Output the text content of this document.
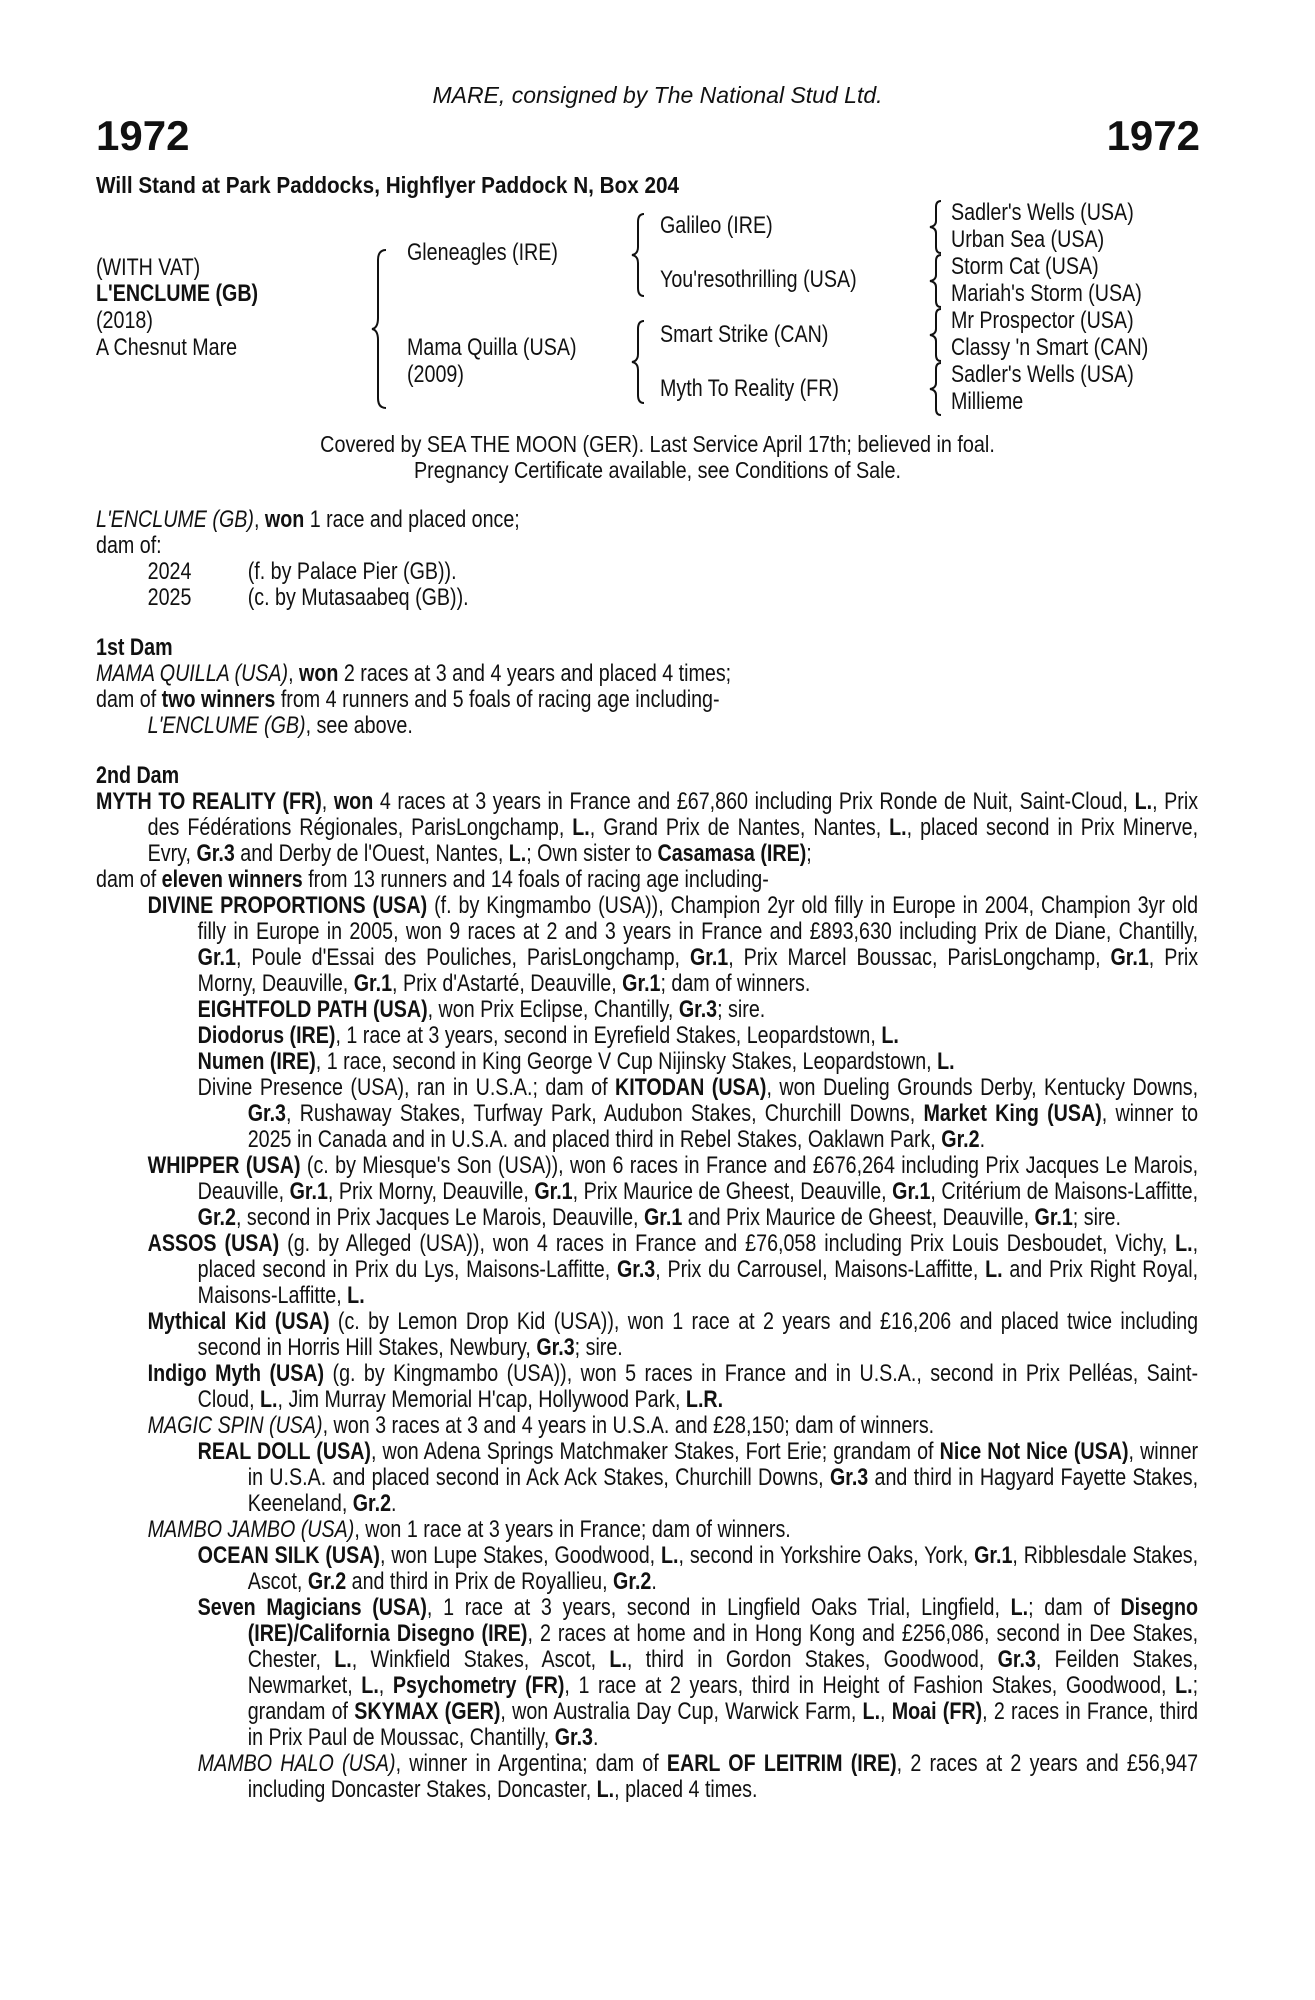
MARE, consigned by The National Stud Ltd.
1972	1972
Will Stand at Park Paddocks, Highflyer Paddock N, Box 204
(WITH VAT)
L'ENCLUME (GB)
(2018)
A Chesnut Mare
Gleneagles (IRE)
Mama Quilla (USA)
(2009)
Galileo (IRE)
You'resothrilling (USA)
Smart Strike (CAN)
Myth To Reality (FR)
Sadler's Wells (USA)
Urban Sea (USA)
Storm Cat (USA)
Mariah's Storm (USA)
Mr Prospector (USA)
Classy 'n Smart (CAN)
Sadler's Wells (USA)
Millieme
Covered by SEA THE MOON (GER). Last Service April 17th; believed in foal.
Pregnancy Certificate available, see Conditions of Sale.
L'ENCLUME (GB), won 1 race and placed once;
dam of:
2024	(f. by Palace Pier (GB)).
2025	(c. by Mutasaabeq (GB)).
1st Dam
MAMA QUILLA (USA), won 2 races at 3 and 4 years and placed 4 times;
dam of two winners from 4 runners and 5 foals of racing age including-
L'ENCLUME (GB), see above.
2nd Dam
MYTH TO REALITY (FR), won 4 races at 3 years in France and £67,860 including Prix Ronde de Nuit, Saint-Cloud, L., Prix des Fédérations Régionales, ParisLongchamp, L., Grand Prix de Nantes, Nantes, L., placed second in Prix Minerve, Evry, Gr.3 and Derby de l'Ouest, Nantes, L.; Own sister to Casamasa (IRE);
dam of eleven winners from 13 runners and 14 foals of racing age including-
DIVINE PROPORTIONS (USA) (f. by Kingmambo (USA)), Champion 2yr old filly in Europe in 2004, Champion 3yr old filly in Europe in 2005, won 9 races at 2 and 3 years in France and £893,630 including Prix de Diane, Chantilly, Gr.1, Poule d'Essai des Pouliches, ParisLongchamp, Gr.1, Prix Marcel Boussac, ParisLongchamp, Gr.1, Prix Morny, Deauville, Gr.1, Prix d'Astarté, Deauville, Gr.1; dam of winners.
EIGHTFOLD PATH (USA), won Prix Eclipse, Chantilly, Gr.3; sire.
Diodorus (IRE), 1 race at 3 years, second in Eyrefield Stakes, Leopardstown, L.
Numen (IRE), 1 race, second in King George V Cup Nijinsky Stakes, Leopardstown, L.
Divine Presence (USA), ran in U.S.A.; dam of KITODAN (USA), won Dueling Grounds Derby, Kentucky Downs, Gr.3, Rushaway Stakes, Turfway Park, Audubon Stakes, Churchill Downs, Market King (USA), winner to 2025 in Canada and in U.S.A. and placed third in Rebel Stakes, Oaklawn Park, Gr.2.
WHIPPER (USA) (c. by Miesque's Son (USA)), won 6 races in France and £676,264 including Prix Jacques Le Marois, Deauville, Gr.1, Prix Morny, Deauville, Gr.1, Prix Maurice de Gheest, Deauville, Gr.1, Critérium de Maisons-Laffitte, Gr.2, second in Prix Jacques Le Marois, Deauville, Gr.1 and Prix Maurice de Gheest, Deauville, Gr.1; sire.
ASSOS (USA) (g. by Alleged (USA)), won 4 races in France and £76,058 including Prix Louis Desboudet, Vichy, L., placed second in Prix du Lys, Maisons-Laffitte, Gr.3, Prix du Carrousel, Maisons-Laffitte, L. and Prix Right Royal, Maisons-Laffitte, L.
Mythical Kid (USA) (c. by Lemon Drop Kid (USA)), won 1 race at 2 years and £16,206 and placed twice including second in Horris Hill Stakes, Newbury, Gr.3; sire.
Indigo Myth (USA) (g. by Kingmambo (USA)), won 5 races in France and in U.S.A., second in Prix Pelléas, Saint-Cloud, L., Jim Murray Memorial H'cap, Hollywood Park, L.R.
MAGIC SPIN (USA), won 3 races at 3 and 4 years in U.S.A. and £28,150; dam of winners.
REAL DOLL (USA), won Adena Springs Matchmaker Stakes, Fort Erie; grandam of Nice Not Nice (USA), winner in U.S.A. and placed second in Ack Ack Stakes, Churchill Downs, Gr.3 and third in Hagyard Fayette Stakes, Keeneland, Gr.2.
MAMBO JAMBO (USA), won 1 race at 3 years in France; dam of winners.
OCEAN SILK (USA), won Lupe Stakes, Goodwood, L., second in Yorkshire Oaks, York, Gr.1, Ribblesdale Stakes, Ascot, Gr.2 and third in Prix de Royallieu, Gr.2.
Seven Magicians (USA), 1 race at 3 years, second in Lingfield Oaks Trial, Lingfield, L.; dam of Disegno (IRE)/California Disegno (IRE), 2 races at home and in Hong Kong and £256,086, second in Dee Stakes, Chester, L., Winkfield Stakes, Ascot, L., third in Gordon Stakes, Goodwood, Gr.3, Feilden Stakes, Newmarket, L., Psychometry (FR), 1 race at 2 years, third in Height of Fashion Stakes, Goodwood, L.; grandam of SKYMAX (GER), won Australia Day Cup, Warwick Farm, L., Moai (FR), 2 races in France, third in Prix Paul de Moussac, Chantilly, Gr.3.
MAMBO HALO (USA), winner in Argentina; dam of EARL OF LEITRIM (IRE), 2 races at 2 years and £56,947 including Doncaster Stakes, Doncaster, L., placed 4 times.
